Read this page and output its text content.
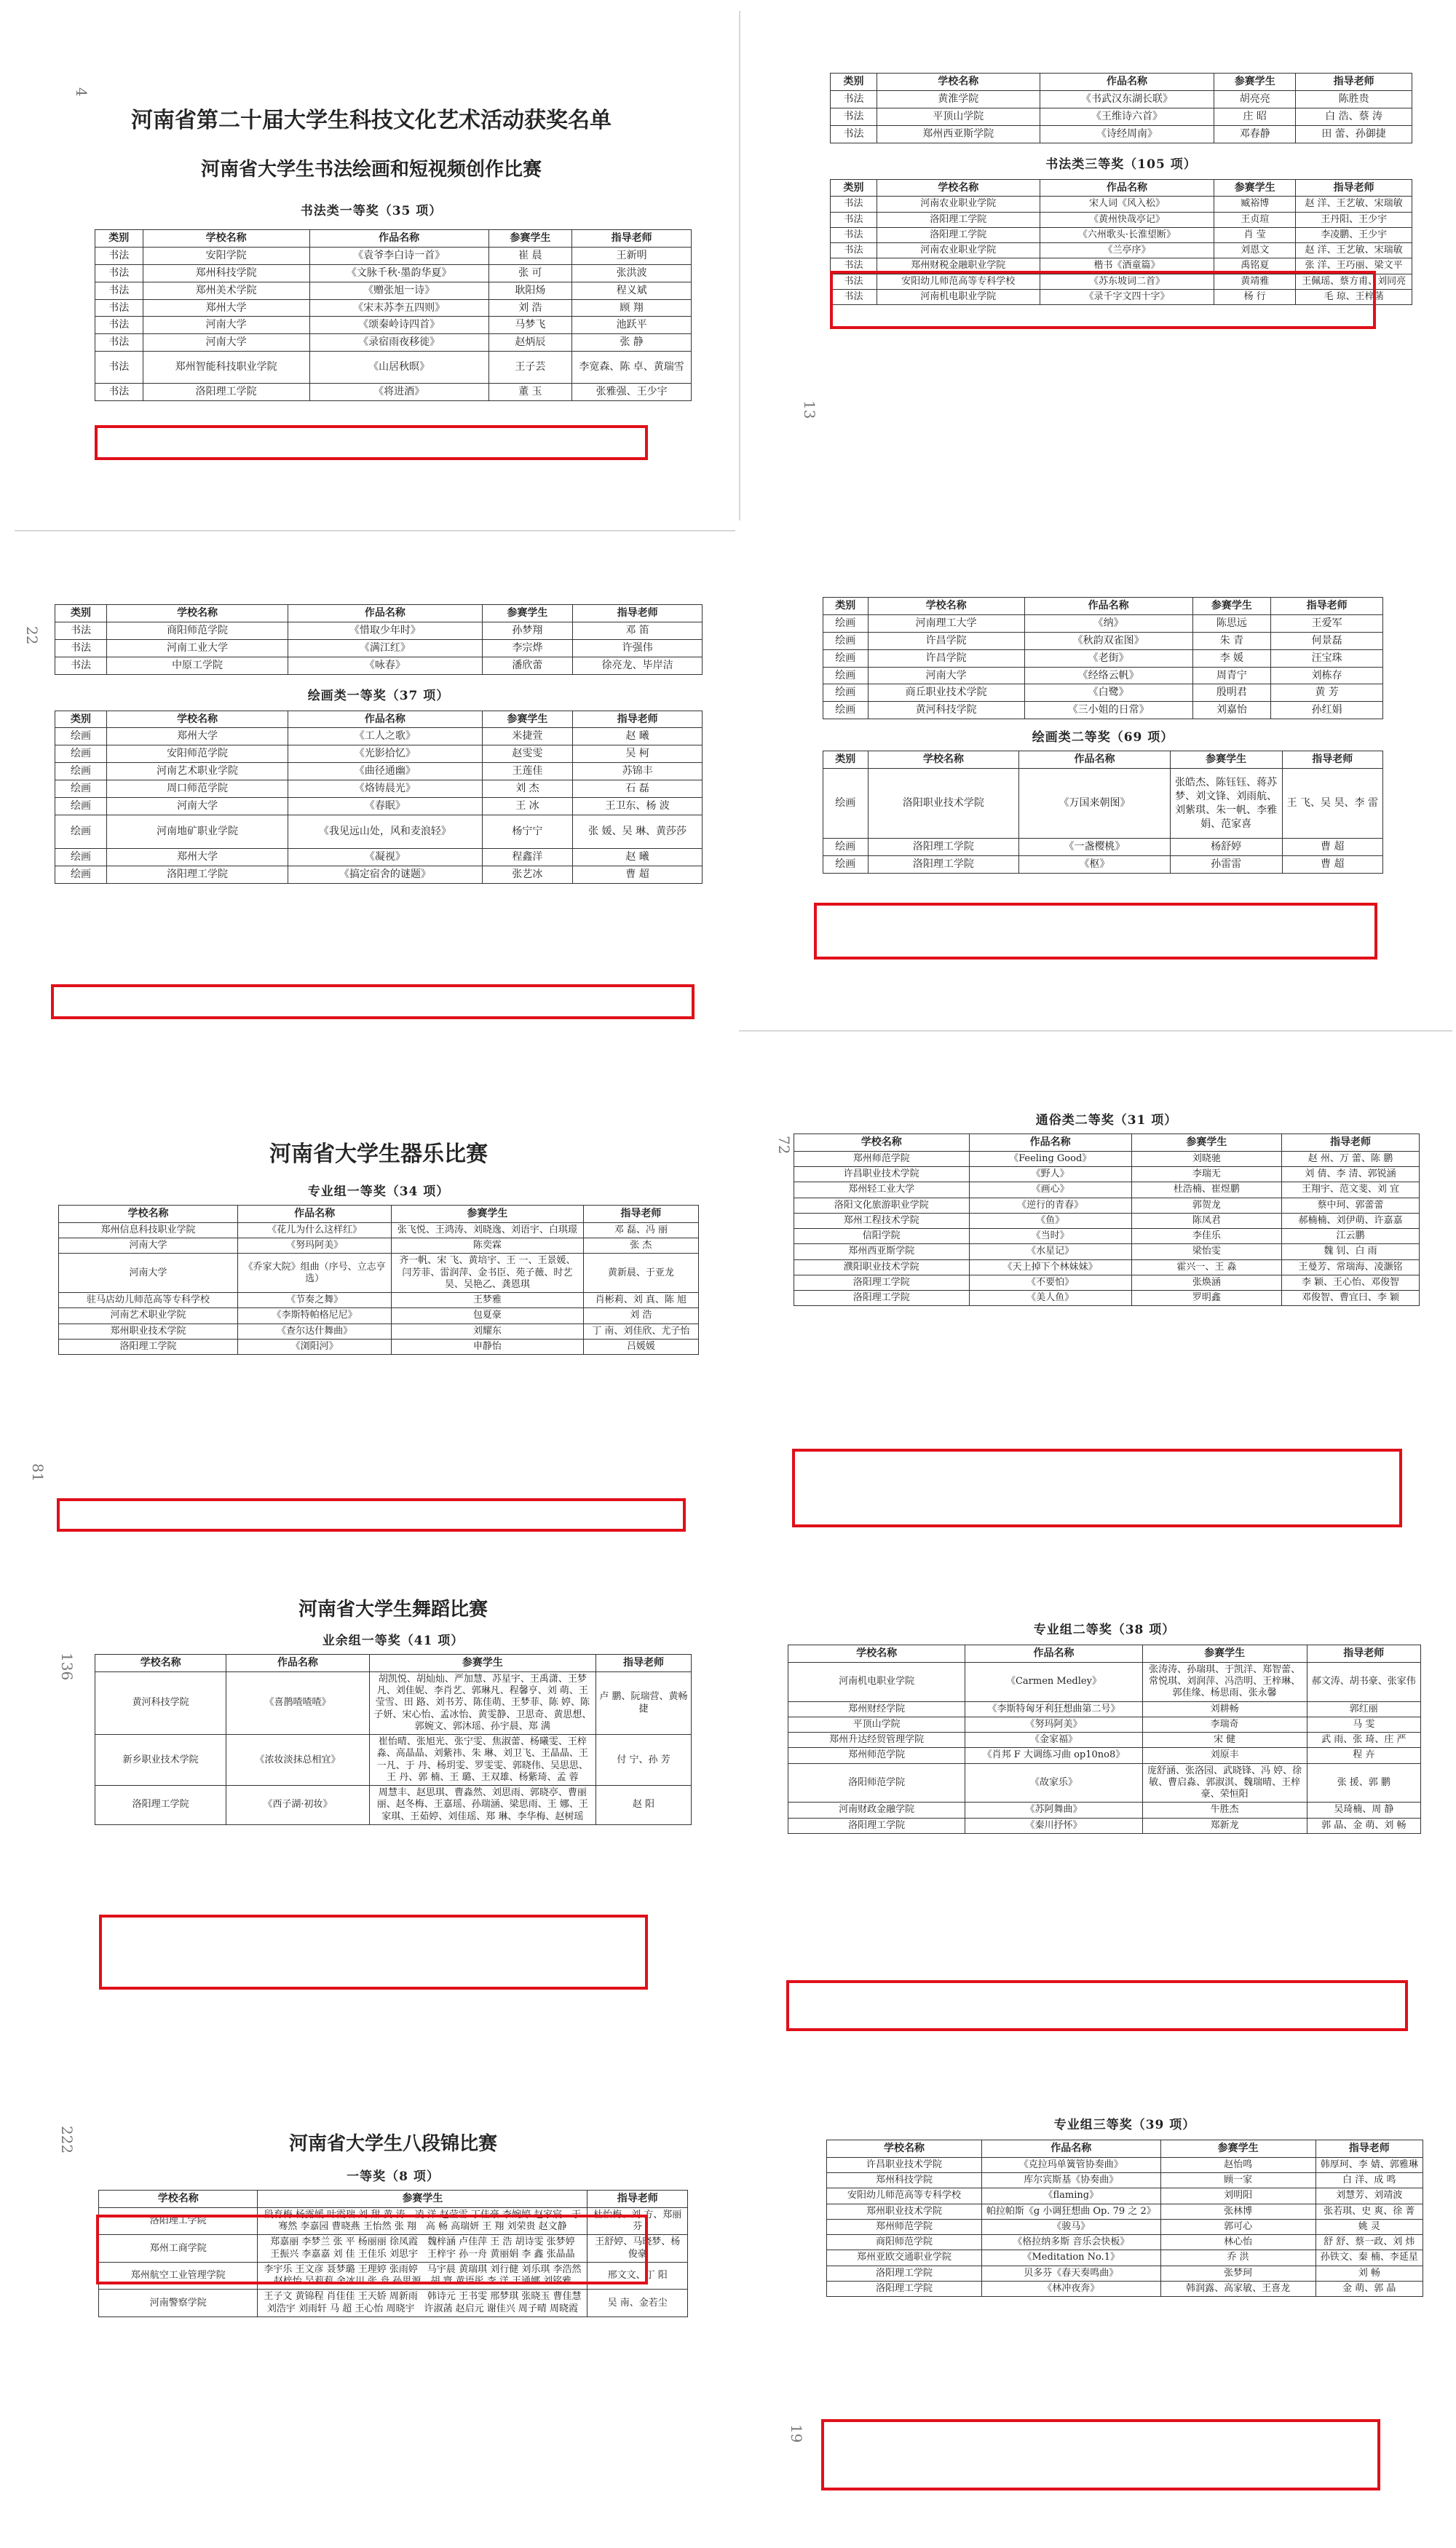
4
河南省第二十届大学生科技文化艺术活动获奖名单
河南省大学生书法绘画和短视频创作比赛
书法类一等奖（35 项）
类别	学校名称	作品名称	参赛学生	指导老师
书法	安阳学院	《袁爷李白诗一首》	崔 晨	王新明
书法	郑州科技学院	《文脉千秋·墨韵华夏》	张 可	张洪波
书法	郑州美术学院	《赠张旭一诗》	耿阳炀	程义斌
书法	郑州大学	《宋末苏李五四则》	刘 浩	顾 翔
书法	河南大学	《颂秦岭诗四首》	马梦飞	池跃平
书法	河南大学	《录宿雨夜移徙》	赵炳辰	张 静
书法	郑州智能科技职业学院	《山居秋暝》	王子芸	李宽森、陈 卓、黄瑞雪
书法	洛阳理工学院	《将进酒》	董 玉	张雅强、王少宇
13
类别	学校名称	作品名称	参赛学生	指导老师
书法	黄淮学院	《书武汉东湖长联》	胡亮亮	陈胜贵
书法	平顶山学院	《王维诗六首》	庄 昭	白 浩、蔡 涛
书法	郑州西亚斯学院	《诗经周南》	邓春静	田 蕾、孙御捷
书法类三等奖（105 项）
类别	学校名称	作品名称	参赛学生	指导老师
书法	河南农业职业学院	宋人词《风入松》	臧裕博	赵 洋、王艺敏、宋瑞敏
书法	洛阳理工学院	《黄州快哉亭记》	王贞瑄	王丹阳、王少宇
书法	洛阳理工学院	《六州歌头·长淮望断》	肖 莹	李凌鹏、王少宇
书法	河南农业职业学院	《兰亭序》	刘恩文	赵 洋、王艺敏、宋瑞敏
书法	郑州财税金融职业学院	楷书《酒童篇》	禹铭夏	张 洋、王巧丽、梁文平
书法	安阳幼儿师范高等专科学校	《苏东坡词二首》	黄靖雅	王佩瑶、蔡方甫、刘同亮
书法	河南机电职业学院	《录千字文四十字》	杨 行	毛 琼、王梓菡
22
类别	学校名称	作品名称	参赛学生	指导老师
书法	商阳师范学院	《惜取少年时》	孙梦翔	邓 笛
书法	河南工业大学	《满江红》	李宗烨	许强伟
书法	中原工学院	《咏春》	潘欣蕾	徐亮龙、毕岸洁
绘画类一等奖（37 项）
类别	学校名称	作品名称	参赛学生	指导老师
绘画	郑州大学	《工人之歌》	米捷萱	赵 曦
绘画	安阳师范学院	《光影拾忆》	赵雯雯	吴 柯
绘画	河南艺术职业学院	《曲径通幽》	王莲佳	苏锦丰
绘画	周口师范学院	《烙铸晨光》	刘 杰	石 磊
绘画	河南大学	《春眠》	王 冰	王卫东、杨 波
绘画	河南地矿职业学院	《我见远山处，风和麦浪轻》	杨宁宁	张 媛、吴 琳、黄莎莎
绘画	郑州大学	《凝视》	程鑫洋	赵 曦
绘画	洛阳理工学院	《搞定宿舍的谜题》	张艺冰	曹 超
类别	学校名称	作品名称	参赛学生	指导老师
绘画	河南理工大学	《纳》	陈思远	王爱军
绘画	许昌学院	《秋韵双雀图》	朱 青	何景磊
绘画	许昌学院	《老街》	李 媛	汪宝珠
绘画	河南大学	《经络云帆》	周青宁	刘栋存
绘画	商丘职业技术学院	《白鹭》	殷明君	黄 芳
绘画	黄河科技学院	《三小姐的日常》	刘嘉怡	孙红娟
绘画类二等奖（69 项）
类别	学校名称	作品名称	参赛学生	指导老师
绘画	洛阳职业技术学院	《万国来朝图》	张皓杰、陈钰钰、蒋苏梦、刘文锋、刘雨航、刘紫琪、朱一帆、李雅娟、范家喜	王 飞、吴 昊、李 雷
绘画	洛阳理工学院	《一盏樱桃》	杨舒婷	曹 超
绘画	洛阳理工学院	《枢》	孙雷雷	曹 超
81
河南省大学生器乐比赛
专业组一等奖（34 项）
学校名称	作品名称	参赛学生	指导老师
郑州信息科技职业学院	《花儿为什么这样红》	张飞悦、王鸿涛、刘晓逸、刘语宇、白琪璟	邓 磊、冯 丽
河南大学	《努玛阿美》	陈奕霖	张 杰
河南大学	《乔家大院》组曲（序号、立志亨选）	齐一帆、宋 飞、黄培宇、王 一、王景媛、闫芳菲、雷润萍、金书臣、苑子薇、时艺昊、吴艳乙、龚恩琪	黄新晨、于亚龙
驻马店幼儿师范高等专科学校	《节奏之舞》	王梦雅	肖彬莉、刘 真、陈 旭
河南艺术职业学院	《李斯特帕格尼尼》	包夏豪	刘 浩
郑州职业技术学院	《查尔达什舞曲》	刘耀东	丁 南、刘佳欣、尤子怡
洛阳理工学院	《浏阳河》	申静怡	吕媛媛
72
通俗类二等奖（31 项）
学校名称	作品名称	参赛学生	指导老师
郑州师范学院	《Feeling Good》	刘晓驰	赵 州、万 蕾、陈 鹏
许昌职业技术学院	《野人》	李瑞无	刘 倩、李 清、郭锐涵
郑州轻工业大学	《画心》	杜浩楠、崔煜鹏	王翔宇、范文斐、刘 宜
洛阳文化旅游职业学院	《逆行的青春》	郭贺龙	蔡中珂、郭蕾蕾
郑州工程技术学院	《鱼》	陈凤君	郝楠楠、刘伊萌、许嘉嘉
信阳学院	《当时》	李佳乐	江云鹏
郑州西亚斯学院	《水星记》	梁怡雯	魏 钊、白 雨
濮阳职业技术学院	《天上掉下个林妹妹》	霍兴一、王 淼	王曼芳、常瑞海、凌灏铭
洛阳理工学院	《不要怕》	张焕涵	李 颖、王心怡、邓俊智
洛阳理工学院	《美人鱼》	罗明鑫	邓俊智、曹宜曰、李 颖
136
河南省大学生舞蹈比赛
业余组一等奖（41 项）
学校名称	作品名称	参赛学生	指导老师
黄河科技学院	《喜鹊喳喳喳》	胡凯悦、胡灿灿、严加慧、苏星宇、王禹潇、王梦凡、刘佳妮、李肖艺、郭琳凡、程馨亨、刘 萌、王莹雪、田 路、刘书芳、陈佳萌、王梦菲、陈 婷、陈子妍、宋心怡、孟冰怡、黄雯静、卫思奇、黄思想、郭婉文、郭沐瑶、孙宇晨、郑 满	卢 鹏、阮瑞营、黄畅捷
新乡职业技术学院	《浓妆淡抹总相宜》	崔怡晴、张旭光、张宁雯、焦淑蕾、杨曦雯、王梓淼、高晶晶、刘紫祎、朱 琳、刘卫飞、王晶晶、王一凡、于 丹、杨玥雯、罗雯雯、郭晓伟、吴思思、王 丹、郭 楠、王 璐、王双雄、杨紫琦、孟 蓉	付 宁、孙 芳
洛阳理工学院	《西子湖·初妆》	周慧丰、赵思琪、曹淼然、刘思雨、郭晓亭、曹丽丽、赵冬梅、王嘉瑶、孙瑞涵、梁思雨、王 娜、王家琪、王茹婷、刘佳瑶、郑 琳、李华梅、赵树瑶	赵 阳
专业组二等奖（38 项）
学校名称	作品名称	参赛学生	指导老师
河南机电职业学院	《Carmen Medley》	张涛涛、孙瑞琪、于凯洋、郑智蕾、常悦琪、刘润萍、冯浩明、王梓琳、郭佳缘、杨思雨、张永馨	郝文涛、胡书豪、张家伟
郑州财经学院	《李斯特匈牙利狂想曲第二号》	刘耕畅	郭红丽
平顶山学院	《努玛阿美》	李瑞奇	马 雯
郑州升达经贸管理学院	《金家福》	宋 健	武 雨、张 琦、庄 严
郑州师范学院	《肖邦 F 大调练习曲 op10no8》	刘原丰	程 卉
洛阳师范学院	《故家乐》	庞舒涵、张洛园、武晓锋、冯 婷、徐 敏、曹启淼、郭淑淇、魏瑞晴、王梓豪、荣恒阳	张 援、郭 鹏
河南财政金融学院	《苏阿舞曲》	牛胜杰	吴琦楠、周 静
洛阳理工学院	《秦川抒怀》	郑新龙	郭 晶、金 萌、刘 畅
222	河南省大学生八段锦比赛
一等奖（8 项）
学校名称	参赛学生	指导老师
洛阳理工学院	段育梅 杨露媛 叶霞瑞 刘 甜 黄 涛　凌 洋 赵莹雪 丁佳豪 李婉婷 赵家宸　于骞然 李嘉园 曹晓燕 王怡然 张 翔　高 畅 高瑞妍 王 翔 刘荣贵 赵文静	杜怡梅、刘 方、郑丽芬
郑州工商学院	郑嘉丽 李梦兰 张 平 杨丽丽 徐凤霞　魏梓涵 卢佳萍 王 浩 胡诗雯 张梦婷　王振兴 李嘉嘉 刘 佳 王佳乐 刘思宇　王梓宇 孙一舟 黄丽娟 李 鑫 张晶晶	王舒婷、马晓梦、杨俊豪
郑州航空工业管理学院	李宇乐 王文彦 聂梦璐 王理婷 张雨婷　马宇晨 黄瑞琪 刘行健 刘乐琪 李浩然　赵梓怡 吴莉莉 余冰川 张 舟 孙思源　胡 寰 黄语彤 李 洋 王通娜 刘铭雅	邢文文、丁 阳
河南警察学院	王子文 黄锦程 肖佳佳 王天娇 周新雨　韩诗元 王书雯 邢梦琪 张晓玉 曹佳慧　刘浩宇 刘雨轩 马 超 王心怡 周晓宇　许淑菡 赵启元 谢佳兴 周子晴 周晓霞	吴 南、金若尘
19
专业组三等奖（39 项）
学校名称	作品名称	参赛学生	指导老师
许昌职业技术学院	《克拉玛单簧管协奏曲》	赵怡鸣	韩厚珂、李 婧、郭雅琳
郑州科技学院	库尔宾斯基《协奏曲》	顾一家	白 洋、成 鸣
安阳幼儿师范高等专科学校	《flaming》	刘明阳	刘慧芳、刘靖波
郑州职业技术学院	帕拉帕斯《g 小调狂想曲 Op. 79 之 2》	张林博	张若琪、史 爽、徐 菁
郑州师范学院	《骏马》	郭可心	姚 灵
商阳师范学院	《格拉纳多斯 音乐会快板》	林心怡	舒 舒、蔡一政、刘 炜
郑州亚欧交通职业学院	《Meditation No.1》	乔 洪	孙铁文、秦 楠、李延星
洛阳理工学院	贝多芬《春天奏鸣曲》	张梦珂	刘 畅
洛阳理工学院	《林冲夜奔》	韩润露、高家敏、王喜龙	金 萌、郭 晶
